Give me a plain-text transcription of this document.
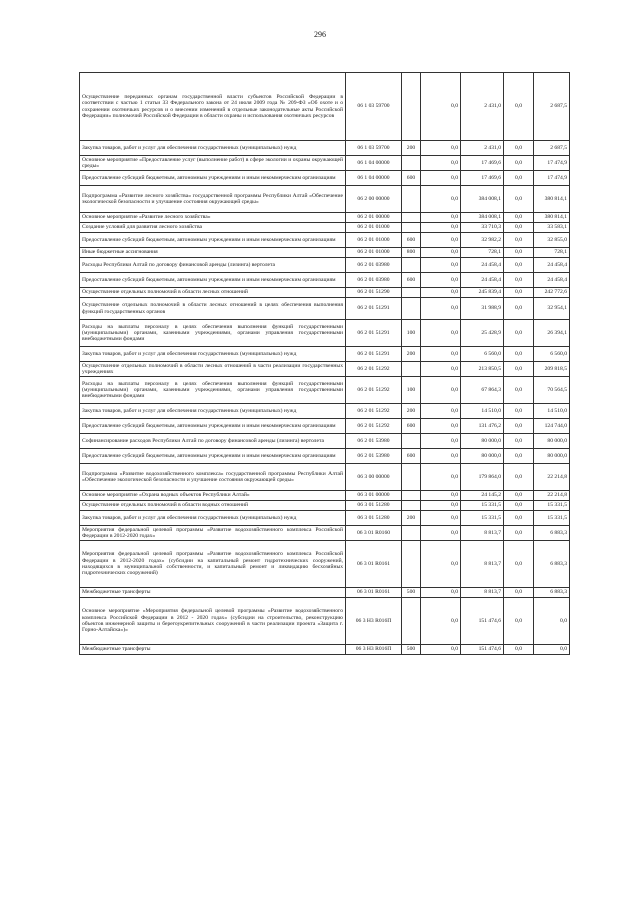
296
Осуществление переданных органам государственной власти субъектов Российской Федерации в соответствии с частью 1 статьи 33 Федерального закона от 24 июля 2009 года № 209-ФЗ «Об охоте и о сохранении охотничьих ресурсов и о внесении изменений в отдельные законодательные акты Российской Федерации» полномочий Российской Федерации в области охраны и использования охотничьих ресурсов	06 1 03 59700		0,0	2 431,0	0,0	2 687,5
Закупка товаров, работ и услуг для обеспечения государственных (муниципальных) нужд	06 1 03 59700	200	0,0	2 431,0	0,0	2 687,5
Основное мероприятие «Предоставление услуг (выполнение работ) в сфере экологии и охраны окружающей среды»	06 1 04 00000		0,0	17 469,6	0,0	17 474,9
Предоставление субсидий бюджетным, автономным учреждениям и иным некоммерческим организациям	06 1 04 00000	600	0,0	17 469,6	0,0	17 474,9
Подпрограмма «Развитие лесного хозяйства» государственной программы Республики Алтай «Обеспечение экологической безопасности и улучшение состояния окружающей среды»	06 2 00 00000		0,0	384 008,1	0,0	380 814,1
Основное мероприятие «Развитие лесного хозяйства»	06 2 01 00000		0,0	384 008,1	0,0	380 814,1
Создание условий для развития лесного хозяйства	06 2 01 01000		0,0	33 710,3	0,0	33 583,1
Предоставление субсидий бюджетным, автономным учреждениям и иным некоммерческим организациям	06 2 01 01000	600	0,0	32 982,2	0,0	32 855,0
Иные бюджетные ассигнования	06 2 01 01000	800	0,0	728,1	0,0	728,1
Расходы Республики Алтай по договору финансовой аренды (лизинга) вертолета	06 2 01 03980		0,0	24 458,4	0,0	24 458,4
Предоставление субсидий бюджетным, автономным учреждениям и иным некоммерческим организациям	06 2 01 03980	600	0,0	24 458,4	0,0	24 458,4
Осуществление отдельных полномочий в области лесных отношений	06 2 01 51290		0,0	245 839,4	0,0	242 772,6
Осуществление отдельных полномочий в области лесных отношений в целях обеспечения выполнения функций государственных органов	06 2 01 51291		0,0	31 988,9	0,0	32 954,1
Расходы на выплаты персоналу в целях обеспечения выполнения функций государственными (муниципальными) органами, казенными учреждениями, органами управления государственными внебюджетными фондами	06 2 01 51291	100	0,0	25 428,9	0,0	26 394,1
Закупка товаров, работ и услуг для обеспечения государственных (муниципальных) нужд	06 2 01 51291	200	0,0	6 560,0	0,0	6 560,0
Осуществление отдельных полномочий в области лесных отношений в части реализации государственных учреждениях	06 2 01 51292		0,0	213 850,5	0,0	209 818,5
Расходы на выплаты персоналу в целях обеспечения выполнения функций государственными (муниципальными) органами, казенными учреждениями, органами управления государственными внебюджетными фондами	06 2 01 51292	100	0,0	67 864,3	0,0	70 564,5
Закупка товаров, работ и услуг для обеспечения государственных (муниципальных) нужд	06 2 01 51292	200	0,0	14 510,0	0,0	14 510,0
Предоставление субсидий бюджетным, автономным учреждениям и иным некоммерческим организациям	06 2 01 51292	600	0,0	131 476,2	0,0	124 744,0
Софинансирование расходов Республики Алтай по договору финансовой аренды (лизинга) вертолета	06 2 01 53980		0,0	80 000,0	0,0	80 000,0
Предоставление субсидий бюджетным, автономным учреждениям и иным некоммерческим организациям	06 2 01 53980	600	0,0	80 000,0	0,0	80 000,0
Подпрограмма «Развитие водохозяйственного комплекса» государственной программы Республики Алтай «Обеспечение экологической безопасности и улучшение состояния окружающей среды»	06 3 00 00000		0,0	179 864,0	0,0	22 214,8
Основное мероприятие «Охрана водных объектов Республики Алтай»	06 3 01 00000		0,0	24 145,2	0,0	22 214,8
Осуществление отдельных полномочий в области водных отношений	06 3 01 51280		0,0	15 331,5	0,0	15 331,5
Закупка товаров, работ и услуг для обеспечения государственных (муниципальных) нужд	06 3 01 51280	200	0,0	15 331,5	0,0	15 331,5
Мероприятия федеральной целевой программы «Развитие водохозяйственного комплекса Российской Федерации в 2012-2020 годах»	06 3 01 R0160		0,0	8 813,7	0,0	6 883,3
Мероприятия федеральной целевой программы «Развитие водохозяйственного комплекса Российской Федерации в 2012-2020 годах» (субсидии на капитальный ремонт гидротехнических сооружений, находящихся в муниципальной собственности, и капитальный ремонт и ликвидацию бесхозяйных гидротехнических сооружений)	06 3 01 R0161		0,0	8 813,7	0,0	6 883,3
Межбюджетные трансферты	06 3 01 R0161	500	0,0	8 813,7	0,0	6 883,3
Основное мероприятие «Мероприятия федеральной целевой программы «Развитие водохозяйственного комплекса Российской Федерации в 2012 - 2020 годах» (субсидии на строительство, реконструкцию объектов инженерной защиты и берегоукрепительных сооружений в части реализации проекта «Защита г. Горно-Алтайска»)»	06 3 Н3 R016П		0,0	151 474,6	0,0	0,0
Межбюджетные трансферты	06 3 Н3 R016П	500	0,0	151 474,6	0,0	0,0
